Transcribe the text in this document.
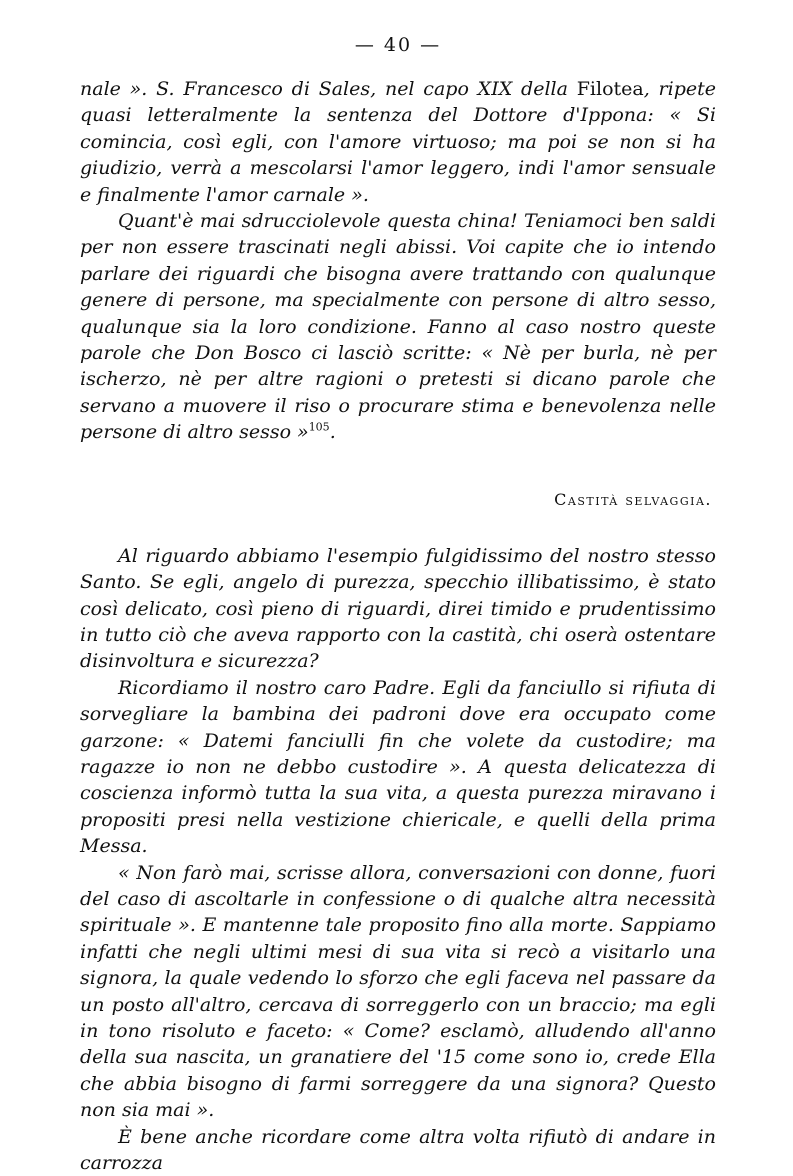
— 40 —

nale ». S. Francesco di Sales, nel capo XIX della Filotea, ripete quasi letteralmente la sentenza del Dottore d'Ippona: « Si comincia, così egli, con l'amore virtuoso; ma poi se non si ha giudizio, verrà a mescolarsi l'amor leggero, indi l'amor sensuale e finalmente l'amor carnale ».

Quant'è mai sdrucciolevole questa china! Teniamoci ben saldi per non essere trascinati negli abissi. Voi capite che io intendo parlare dei riguardi che bisogna avere trattando con qualunque genere di persone, ma specialmente con persone di altro sesso, qualunque sia la loro condizione. Fanno al caso nostro queste parole che Don Bosco ci lasciò scritte: « Nè per burla, nè per ischerzo, nè per altre ragioni o pretesti si dicano parole che servano a muovere il riso o procurare stima e benevolenza nelle persone di altro sesso »$^{105}$.

Castità selvaggia.

Al riguardo abbiamo l'esempio fulgidissimo del nostro stesso Santo. Se egli, angelo di purezza, specchio illibatissimo, è stato così delicato, così pieno di riguardi, direi timido e prudentissimo in tutto ciò che aveva rapporto con la castità, chi oserà ostentare disinvoltura e sicurezza?

Ricordiamo il nostro caro Padre. Egli da fanciullo si rifiuta di sorvegliare la bambina dei padroni dove era occupato come garzone: « Datemi fanciulli fin che volete da custodire; ma ragazze io non ne debbo custodire ». A questa delicatezza di coscienza informò tutta la sua vita, a questa purezza miravano i propositi presi nella vestizione chiericale, e quelli della prima Messa.

« Non farò mai, scrisse allora, conversazioni con donne, fuori del caso di ascoltarle in confessione o di qualche altra necessità spirituale ». E mantenne tale proposito fino alla morte. Sappiamo infatti che negli ultimi mesi di sua vita si recò a visitarlo una signora, la quale vedendo lo sforzo che egli faceva nel passare da un posto all'altro, cercava di sorreggerlo con un braccio; ma egli in tono risoluto e faceto: « Come? esclamò, alludendo all'anno della sua nascita, un granatiere del '15 come sono io, crede Ella che abbia bisogno di farmi sorreggere da una signora? Questo non sia mai ».

È bene anche ricordare come altra volta rifiutò di andare in carrozza
